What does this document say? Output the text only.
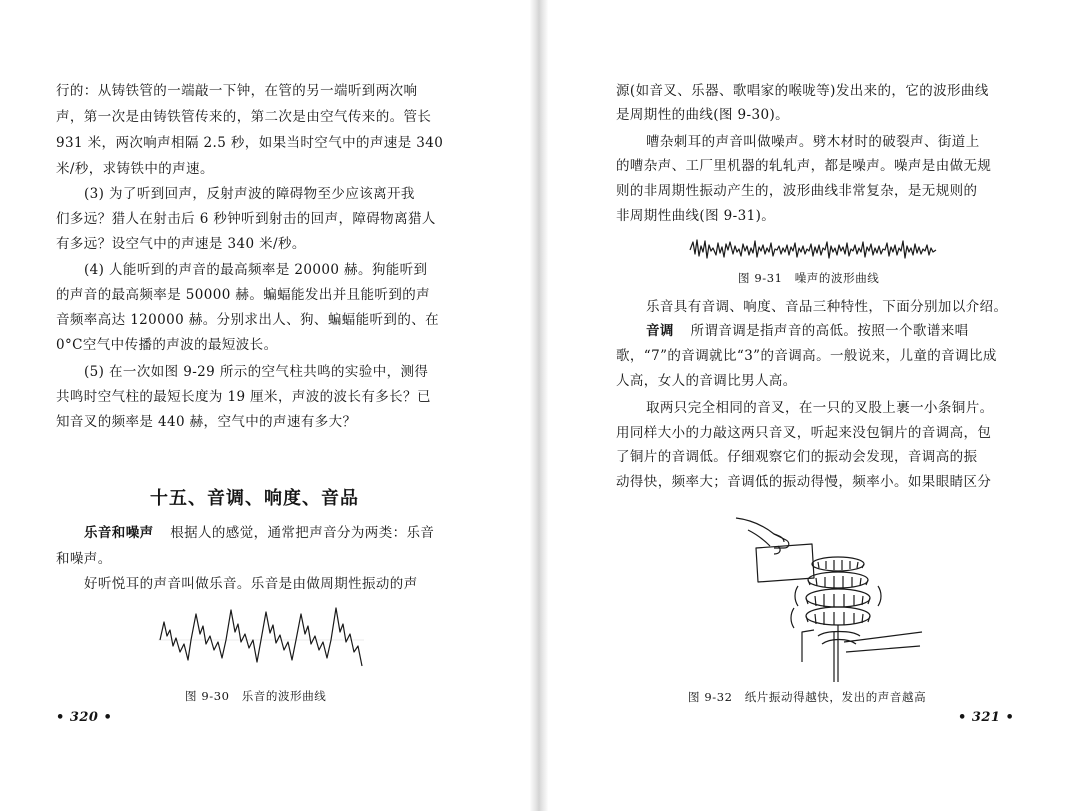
行的：从铸铁管的一端敲一下钟，在管的另一端听到两次响

声，第一次是由铸铁管传来的，第二次是由空气传来的。管长

931 米，两次响声相隔 2.5 秒，如果当时空气中的声速是 340

米/秒，求铸铁中的声速。

(3) 为了听到回声，反射声波的障碍物至少应该离开我

们多远？猎人在射击后 6 秒钟听到射击的回声，障碍物离猎人

有多远？设空气中的声速是 340 米/秒。

(4) 人能听到的声音的最高频率是 20000 赫。狗能听到

的声音的最高频率是 50000 赫。蝙蝠能发出并且能听到的声

音频率高达 120000 赫。分别求出人、狗、蝙蝠能听到的、在

0°C空气中传播的声波的最短波长。

(5) 在一次如图 9-29 所示的空气柱共鸣的实验中，测得

共鸣时空气柱的最短长度为 19 厘米，声波的波长有多长？已

知音叉的频率是 440 赫，空气中的声速有多大？

十五、音调、响度、音品

乐音和噪声 根据人的感觉，通常把声音分为两类：乐音

和噪声。

好听悦耳的声音叫做乐音。乐音是由做周期性振动的声

图 9-30　乐音的波形曲线

• 320 •

源(如音叉、乐器、歌唱家的喉咙等)发出来的，它的波形曲线

是周期性的曲线(图 9-30)。

嘈杂刺耳的声音叫做噪声。劈木材时的破裂声、街道上

的嘈杂声、工厂里机器的轧轧声，都是噪声。噪声是由做无规

则的非周期性振动产生的，波形曲线非常复杂，是无规则的

非周期性曲线(图 9-31)。

图 9-31　噪声的波形曲线

乐音具有音调、响度、音品三种特性，下面分别加以介绍。

音调 所谓音调是指声音的高低。按照一个歌谱来唱

歌，“7”的音调就比“3”的音调高。一般说来，儿童的音调比成

人高，女人的音调比男人高。

取两只完全相同的音叉，在一只的叉股上裹一小条铜片。

用同样大小的力敲这两只音叉，听起来没包铜片的音调高，包

了铜片的音调低。仔细观察它们的振动会发现，音调高的振

动得快，频率大；音调低的振动得慢，频率小。如果眼睛区分

图 9-32　纸片振动得越快，发出的声音越高

• 321 •
